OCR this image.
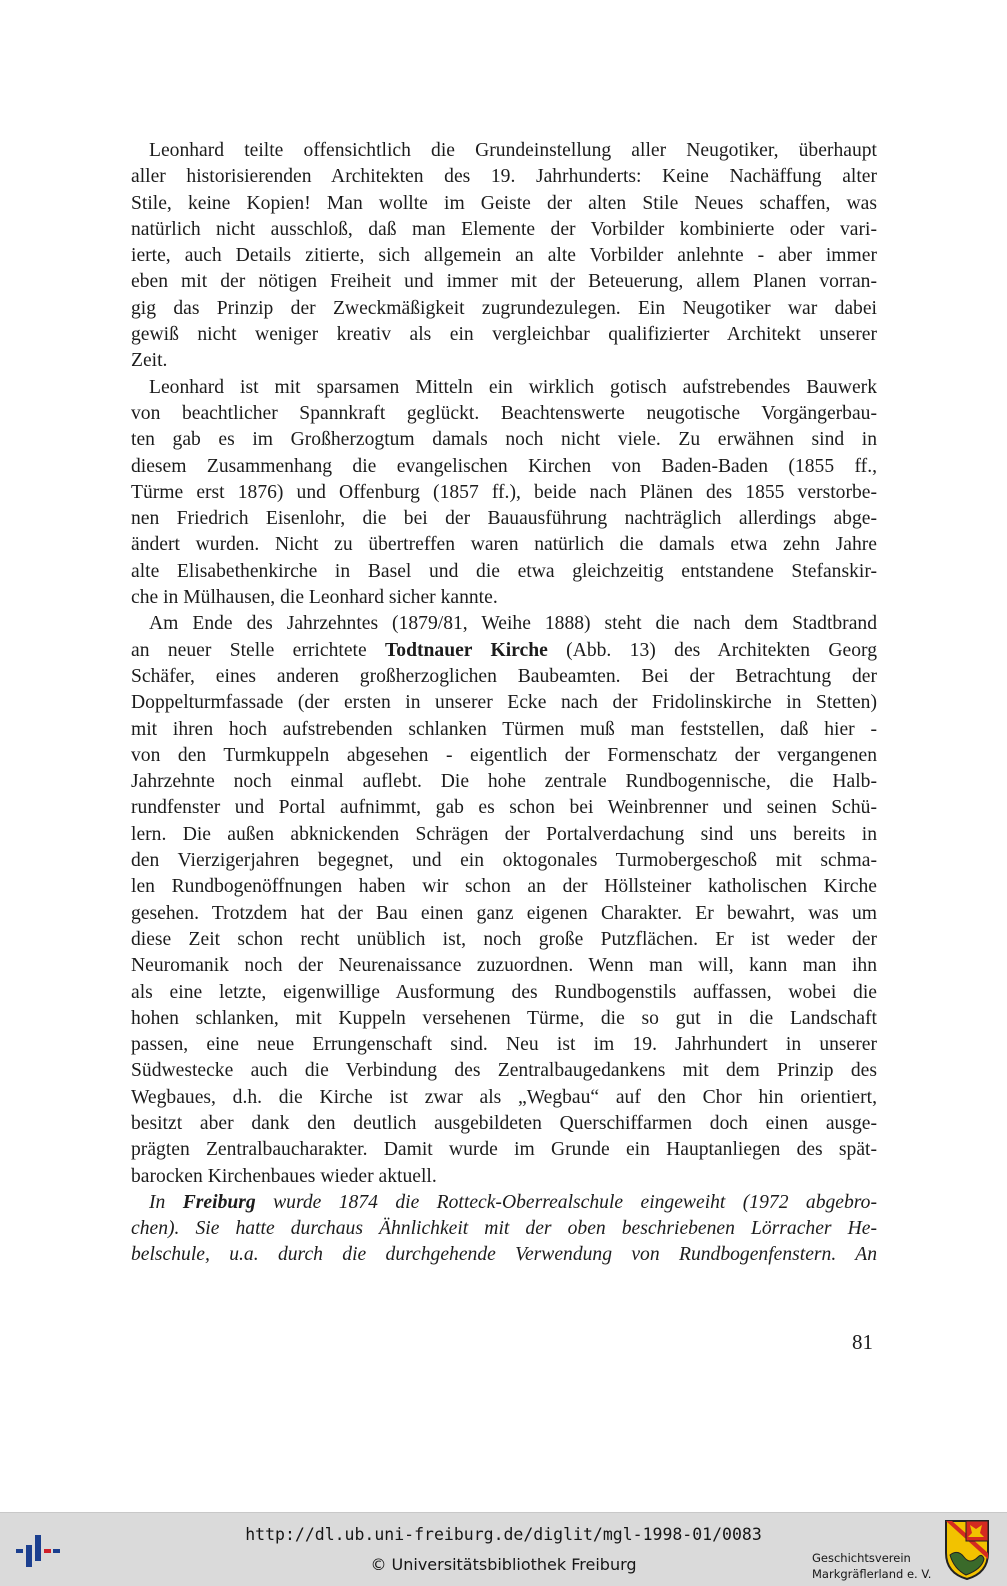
Leonhard teilte offensichtlich die Grundeinstellung aller Neugotiker, überhaupt
aller historisierenden Architekten des 19. Jahrhunderts: Keine Nachäffung alter
Stile, keine Kopien! Man wollte im Geiste der alten Stile Neues schaffen, was
natürlich nicht ausschloß, daß man Elemente der Vorbilder kombinierte oder vari-
ierte, auch Details zitierte, sich allgemein an alte Vorbilder anlehnte - aber immer
eben mit der nötigen Freiheit und immer mit der Beteuerung, allem Planen vorran-
gig das Prinzip der Zweckmäßigkeit zugrundezulegen. Ein Neugotiker war dabei
gewiß nicht weniger kreativ als ein vergleichbar qualifizierter Architekt unserer
Zeit.
Leonhard ist mit sparsamen Mitteln ein wirklich gotisch aufstrebendes Bauwerk
von beachtlicher Spannkraft geglückt. Beachtenswerte neugotische Vorgängerbau-
ten gab es im Großherzogtum damals noch nicht viele. Zu erwähnen sind in
diesem Zusammenhang die evangelischen Kirchen von Baden-Baden (1855 ff.,
Türme erst 1876) und Offenburg (1857 ff.), beide nach Plänen des 1855 verstorbe-
nen Friedrich Eisenlohr, die bei der Bauausführung nachträglich allerdings abge-
ändert wurden. Nicht zu übertreffen waren natürlich die damals etwa zehn Jahre
alte Elisabethenkirche in Basel und die etwa gleichzeitig entstandene Stefanskir-
che in Mülhausen, die Leonhard sicher kannte.
Am Ende des Jahrzehntes (1879/81, Weihe 1888) steht die nach dem Stadtbrand
an neuer Stelle errichtete Todtnauer Kirche (Abb. 13) des Architekten Georg
Schäfer, eines anderen großherzoglichen Baubeamten. Bei der Betrachtung der
Doppelturmfassade (der ersten in unserer Ecke nach der Fridolinskirche in Stetten)
mit ihren hoch aufstrebenden schlanken Türmen muß man feststellen, daß hier -
von den Turmkuppeln abgesehen - eigentlich der Formenschatz der vergangenen
Jahrzehnte noch einmal auflebt. Die hohe zentrale Rundbogennische, die Halb-
rundfenster und Portal aufnimmt, gab es schon bei Weinbrenner und seinen Schü-
lern. Die außen abknickenden Schrägen der Portalverdachung sind uns bereits in
den Vierzigerjahren begegnet, und ein oktogonales Turmobergeschoß mit schma-
len Rundbogenöffnungen haben wir schon an der Höllsteiner katholischen Kirche
gesehen. Trotzdem hat der Bau einen ganz eigenen Charakter. Er bewahrt, was um
diese Zeit schon recht unüblich ist, noch große Putzflächen. Er ist weder der
Neuromanik noch der Neurenaissance zuzuordnen. Wenn man will, kann man ihn
als eine letzte, eigenwillige Ausformung des Rundbogenstils auffassen, wobei die
hohen schlanken, mit Kuppeln versehenen Türme, die so gut in die Landschaft
passen, eine neue Errungenschaft sind. Neu ist im 19. Jahrhundert in unserer
Südwestecke auch die Verbindung des Zentralbaugedankens mit dem Prinzip des
Wegbaues, d.h. die Kirche ist zwar als „Wegbau“ auf den Chor hin orientiert,
besitzt aber dank den deutlich ausgebildeten Querschiffarmen doch einen ausge-
prägten Zentralbaucharakter. Damit wurde im Grunde ein Hauptanliegen des spät-
barocken Kirchenbaues wieder aktuell.
In Freiburg wurde 1874 die Rotteck-Oberrealschule eingeweiht (1972 abgebro-
chen). Sie hatte durchaus Ähnlichkeit mit der oben beschriebenen Lörracher He-
belschule, u.a. durch die durchgehende Verwendung von Rundbogenfenstern. An
81
http://dl.ub.uni-freiburg.de/diglit/mgl-1998-01/0083
© Universitätsbibliothek Freiburg	Geschichtsverein
Markgräflerland e. V.
